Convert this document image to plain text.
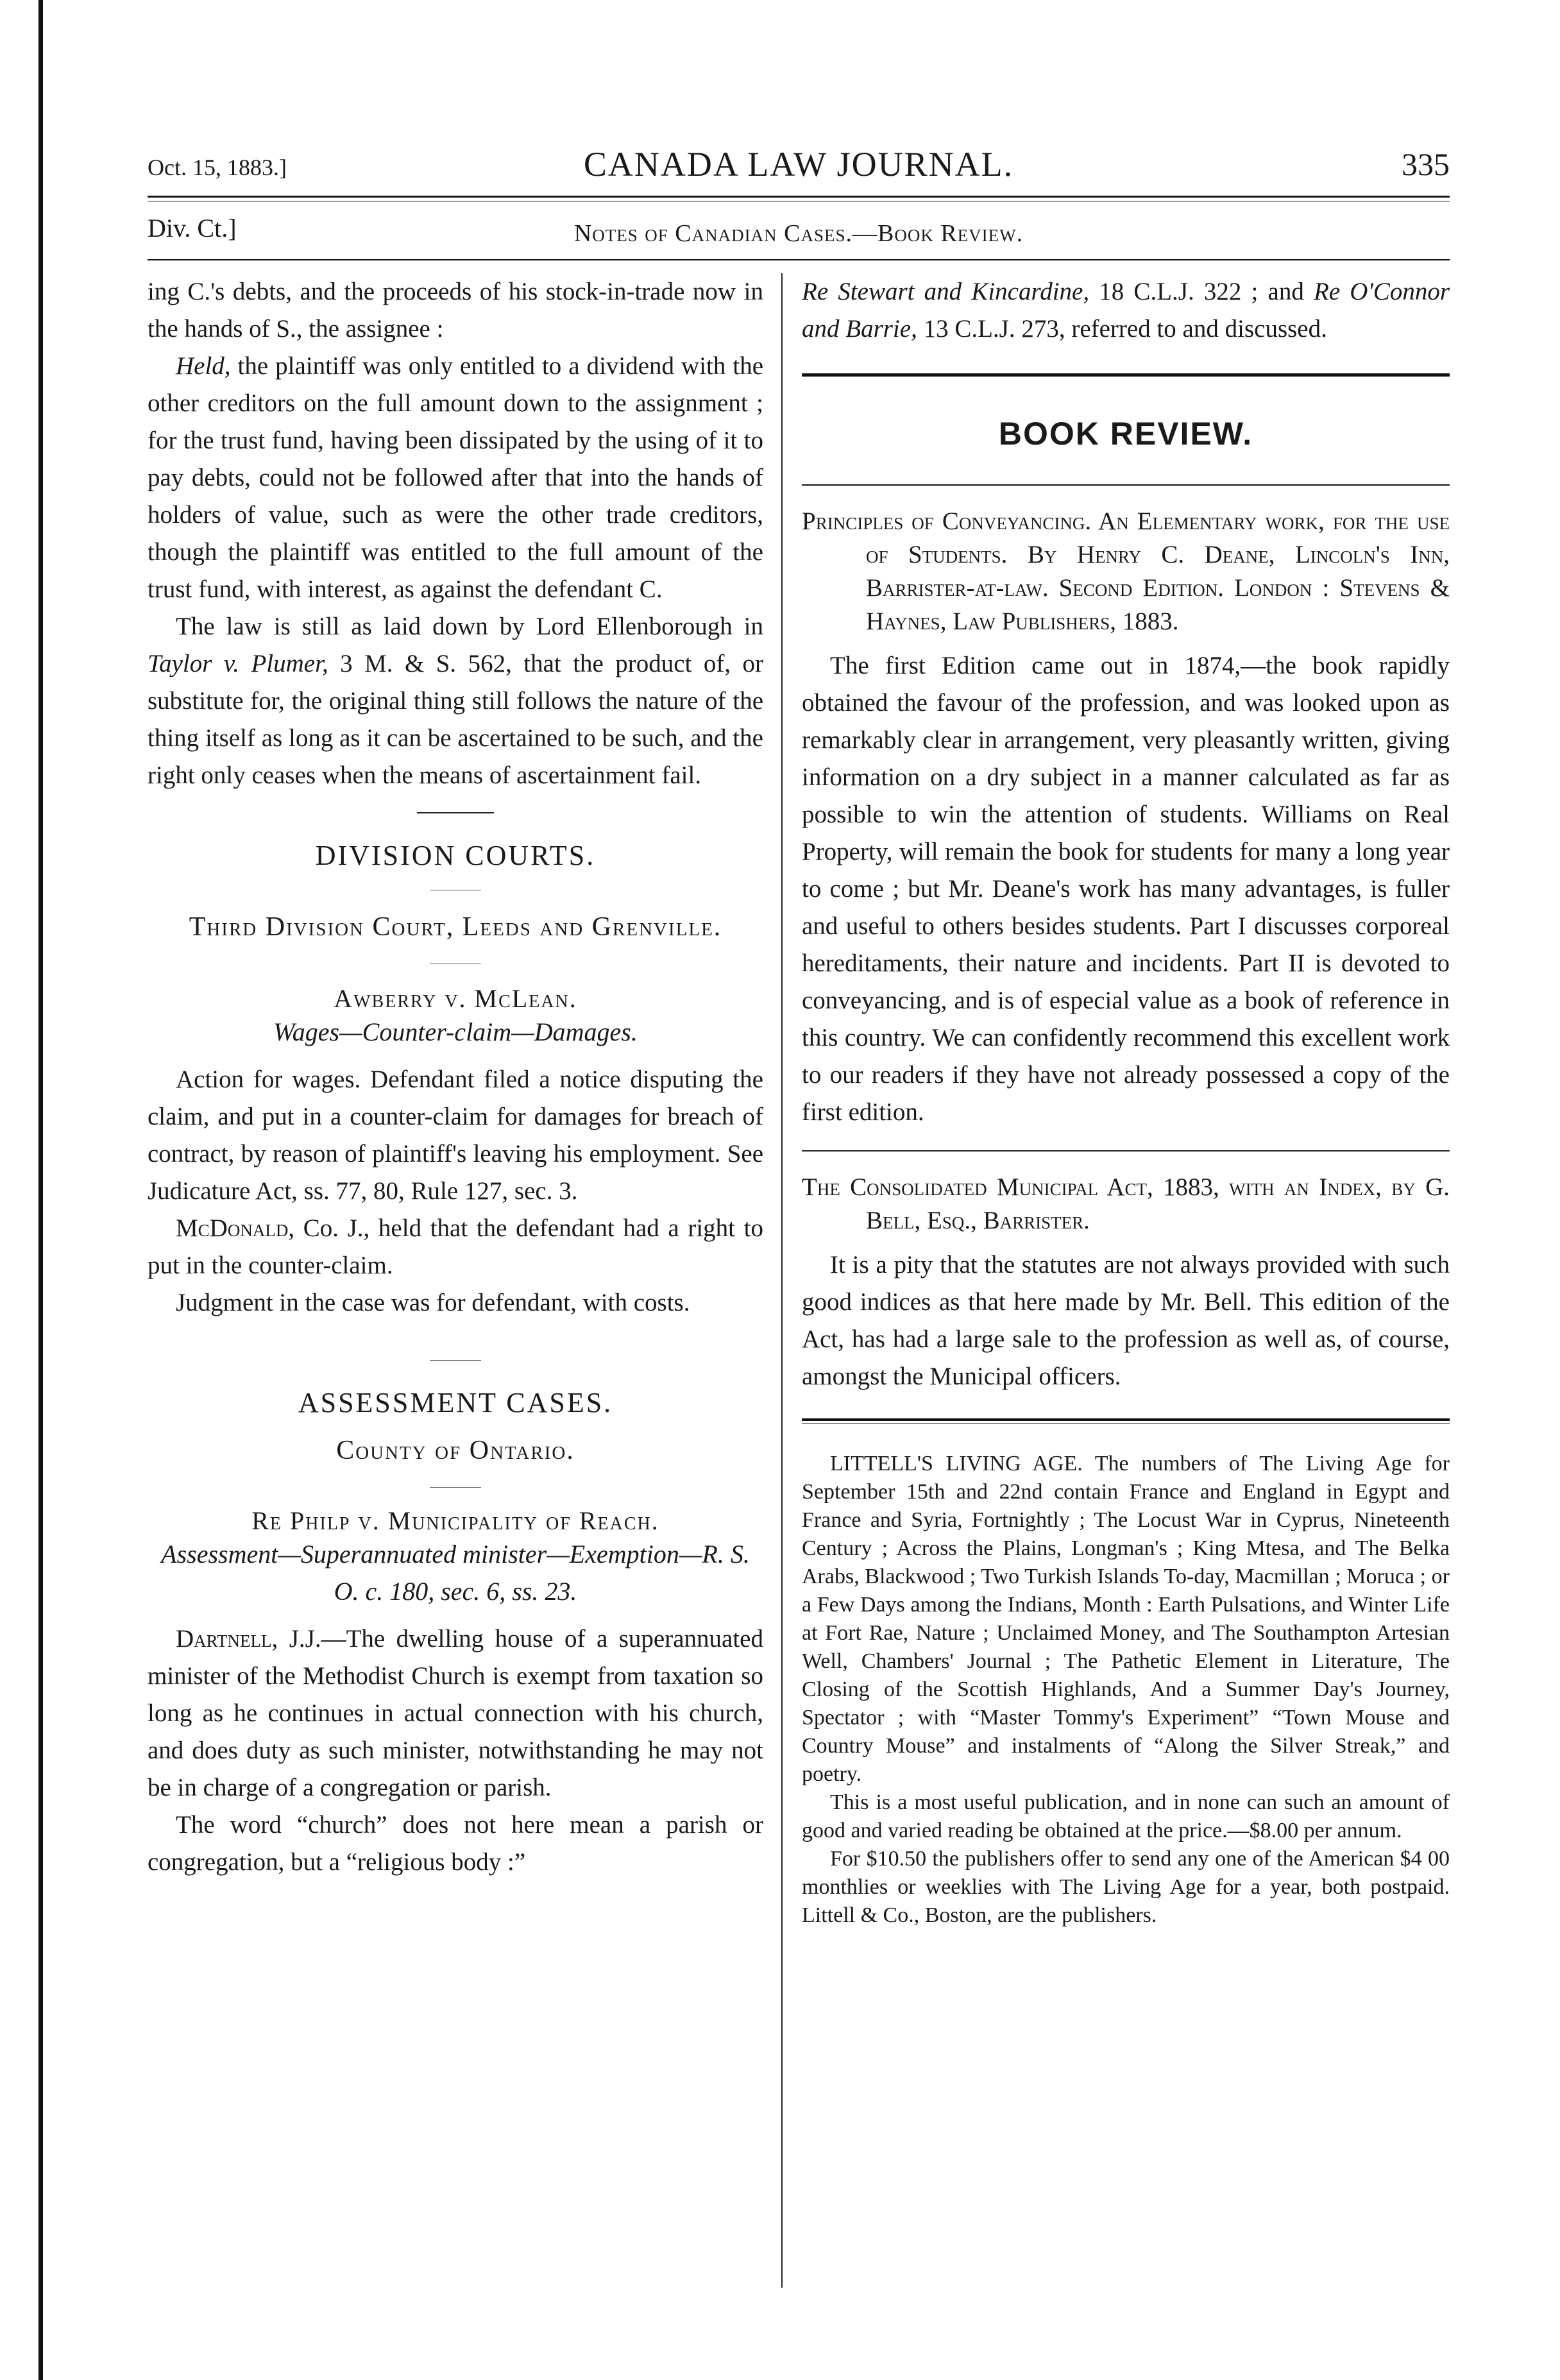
Oct. 15, 1883.]	CANADA LAW JOURNAL.	335
Div. Ct.]	Notes of Canadian Cases.—Book Review.

ing C.'s debts, and the proceeds of his stock-in-trade now in the hands of S., the assignee :

Held, the plaintiff was only entitled to a dividend with the other creditors on the full amount down to the assignment ; for the trust fund, having been dissipated by the using of it to pay debts, could not be followed after that into the hands of holders of value, such as were the other trade creditors, though the plaintiff was entitled to the full amount of the trust fund, with interest, as against the defendant C.

The law is still as laid down by Lord Ellenborough in Taylor v. Plumer, 3 M. & S. 562, that the product of, or substitute for, the original thing still follows the nature of the thing itself as long as it can be ascertained to be such, and the right only ceases when the means of ascertainment fail.

DIVISION COURTS.

Third Division Court, Leeds and Grenville.

Awberry v. McLean.

Wages—Counter-claim—Damages.

Action for wages. Defendant filed a notice disputing the claim, and put in a counter-claim for damages for breach of contract, by reason of plaintiff's leaving his employment. See Judicature Act, ss. 77, 80, Rule 127, sec. 3.

McDonald, Co. J., held that the defendant had a right to put in the counter-claim.

Judgment in the case was for defendant, with costs.

ASSESSMENT CASES.

County of Ontario.

Re Philp v. Municipality of Reach.

Assessment—Superannuated minister—Exemption—R. S. O. c. 180, sec. 6, ss. 23.

Dartnell, J.J.—The dwelling house of a superannuated minister of the Methodist Church is exempt from taxation so long as he continues in actual connection with his church, and does duty as such minister, notwithstanding he may not be in charge of a congregation or parish.

The word “church” does not here mean a parish or congregation, but a “religious body :”

Re Stewart and Kincardine, 18 C.L.J. 322 ; and Re O'Connor and Barrie, 13 C.L.J. 273, referred to and discussed.

BOOK REVIEW.

Principles of Conveyancing. An Elementary work, for the use of Students. By Henry C. Deane, Lincoln's Inn, Barrister-at-law. Second Edition. London : Stevens & Haynes, Law Publishers, 1883.

The first Edition came out in 1874,—the book rapidly obtained the favour of the profession, and was looked upon as remarkably clear in arrangement, very pleasantly written, giving information on a dry subject in a manner calculated as far as possible to win the attention of students. Williams on Real Property, will remain the book for students for many a long year to come ; but Mr. Deane's work has many advantages, is fuller and useful to others besides students. Part I discusses corporeal hereditaments, their nature and incidents. Part II is devoted to conveyancing, and is of especial value as a book of reference in this country. We can confidently recommend this excellent work to our readers if they have not already possessed a copy of the first edition.

The Consolidated Municipal Act, 1883, with an Index, by G. Bell, Esq., Barrister.

It is a pity that the statutes are not always provided with such good indices as that here made by Mr. Bell. This edition of the Act, has had a large sale to the profession as well as, of course, amongst the Municipal officers.

LITTELL'S LIVING AGE. The numbers of The Living Age for September 15th and 22nd contain France and England in Egypt and France and Syria, Fortnightly ; The Locust War in Cyprus, Nineteenth Century ; Across the Plains, Longman's ; King Mtesa, and The Belka Arabs, Blackwood ; Two Turkish Islands To-day, Macmillan ; Moruca ; or a Few Days among the Indians, Month : Earth Pulsations, and Winter Life at Fort Rae, Nature ; Unclaimed Money, and The Southampton Artesian Well, Chambers' Journal ; The Pathetic Element in Literature, The Closing of the Scottish Highlands, And a Summer Day's Journey, Spectator ; with “Master Tommy's Experiment” “Town Mouse and Country Mouse” and instalments of “Along the Silver Streak,” and poetry.

This is a most useful publication, and in none can such an amount of good and varied reading be obtained at the price.—$8.00 per annum.

For $10.50 the publishers offer to send any one of the American $4 00 monthlies or weeklies with The Living Age for a year, both postpaid. Littell & Co., Boston, are the publishers.
